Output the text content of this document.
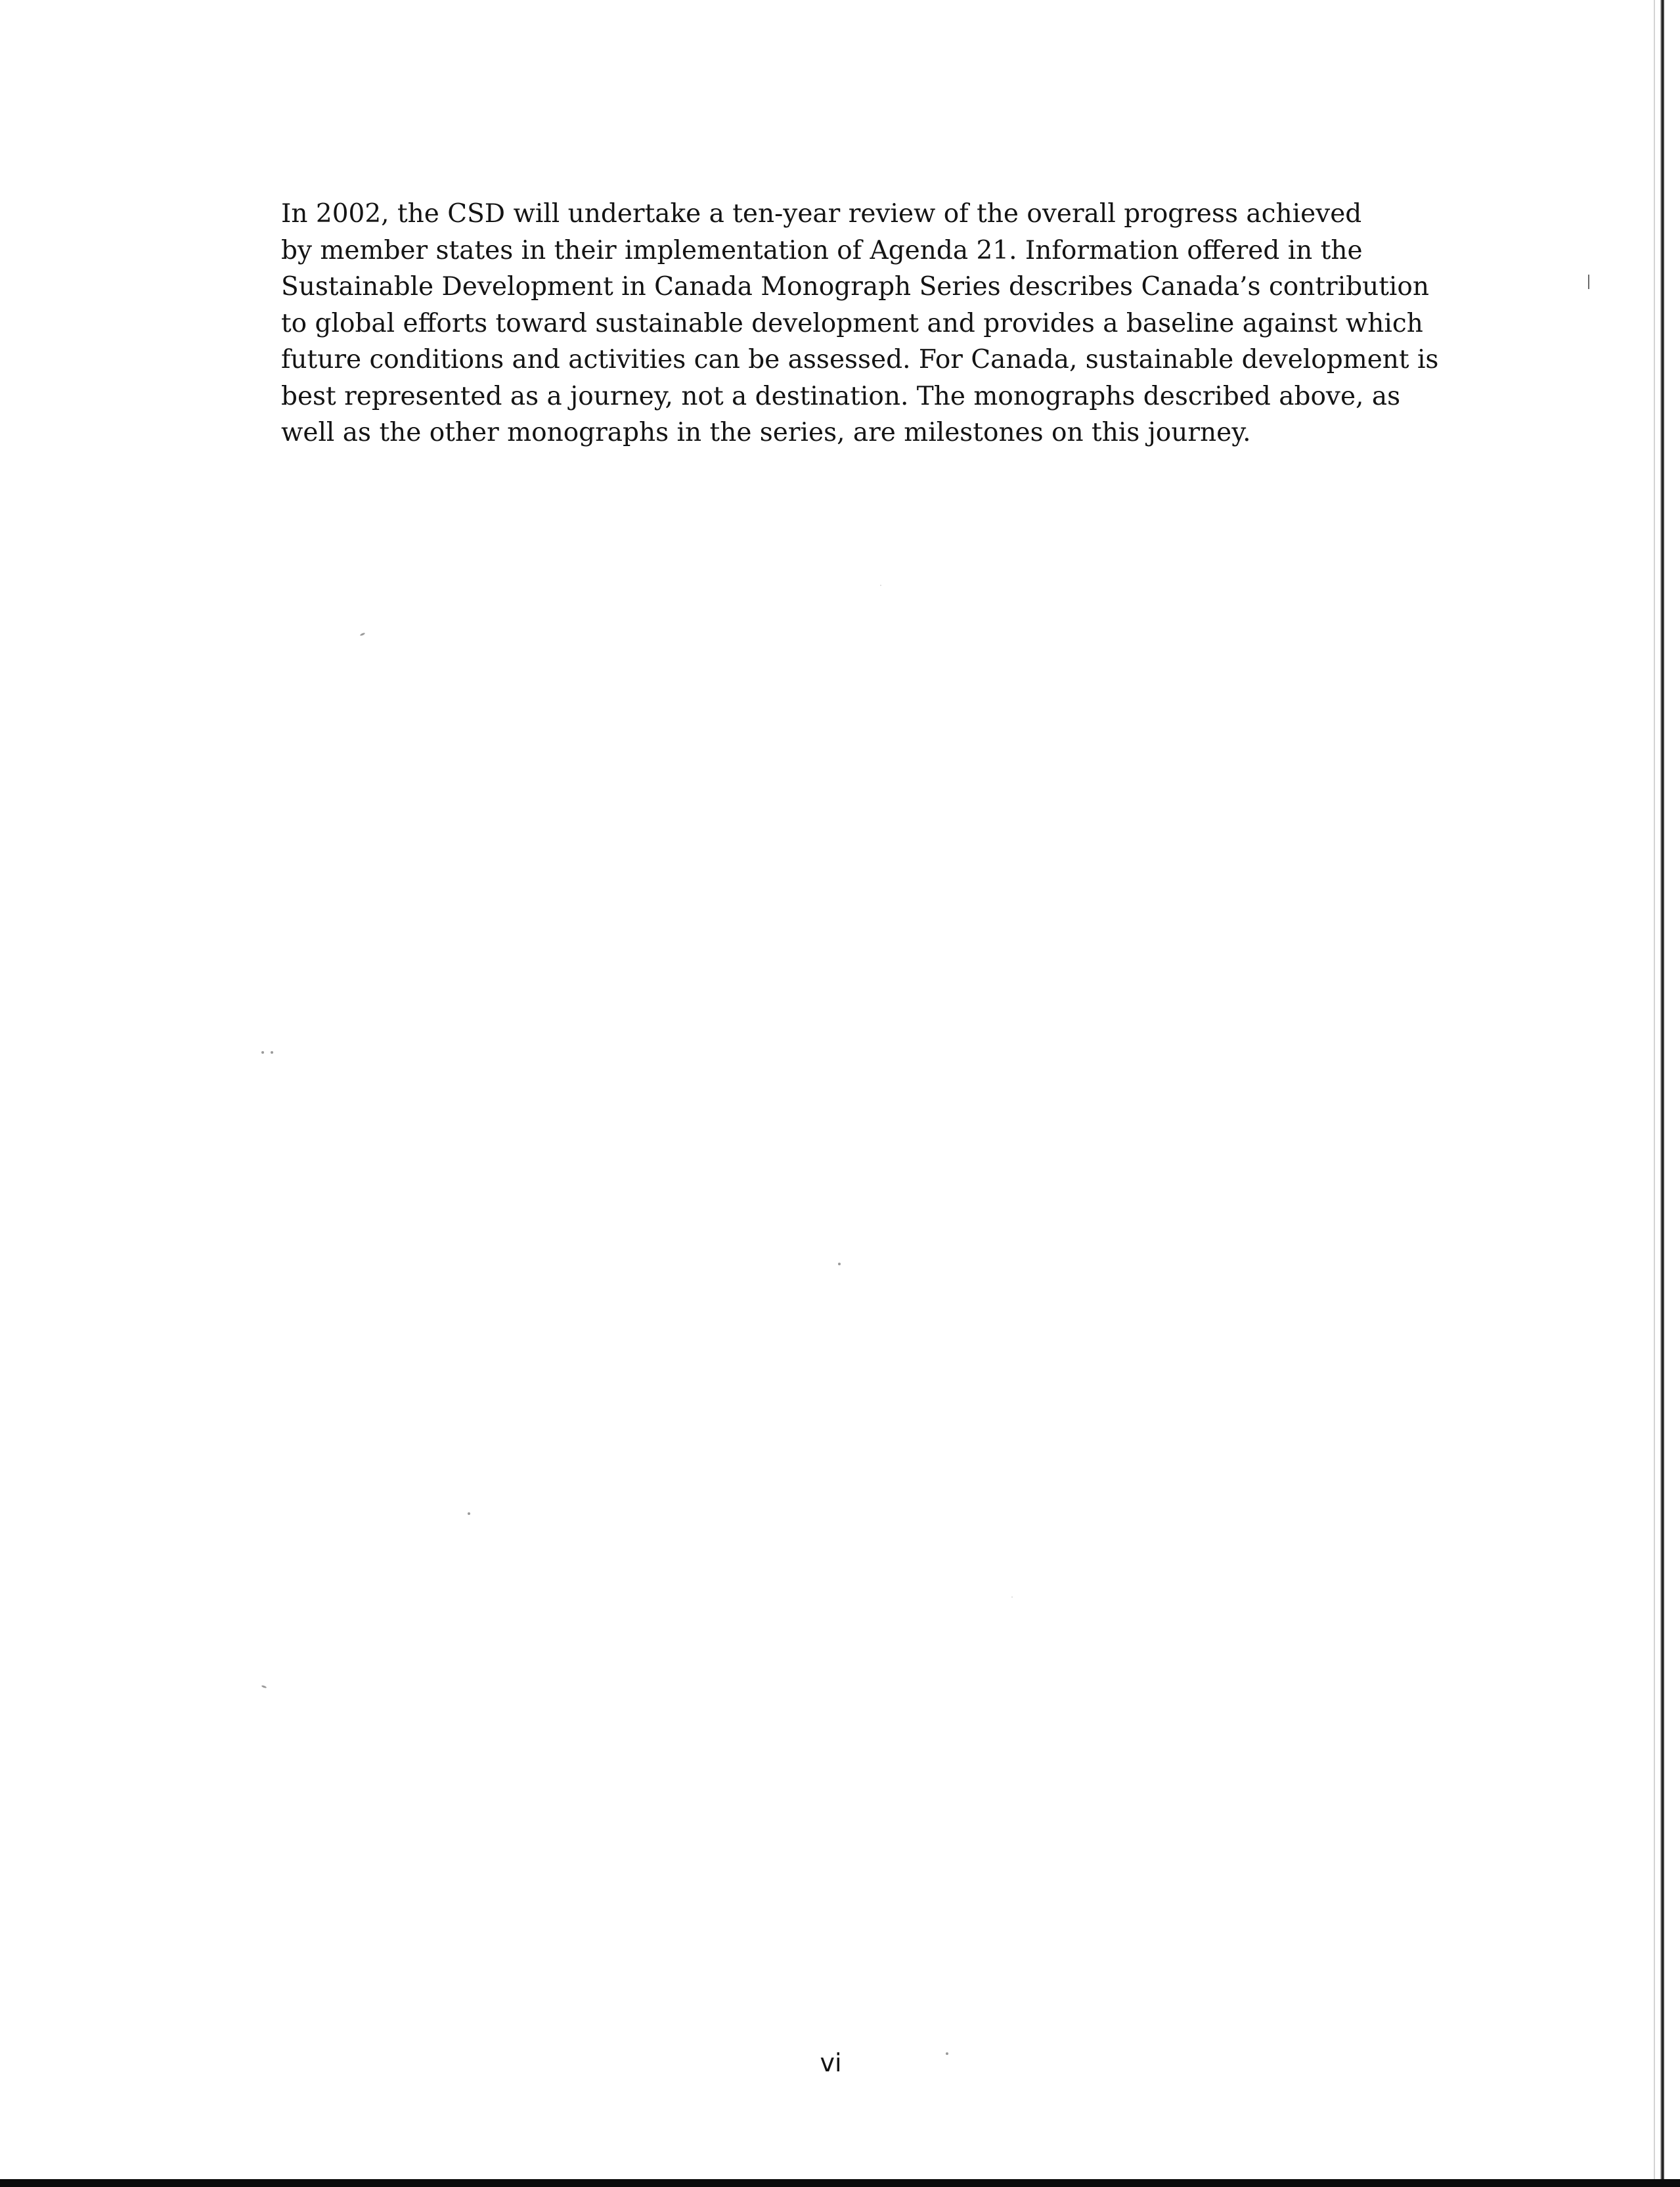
In 2002, the CSD will undertake a ten-year review of the overall progress achieved
by member states in their implementation of Agenda 21. Information offered in the
Sustainable Development in Canada Monograph Series describes Canada’s contribution
to global efforts toward sustainable development and provides a baseline against which
future conditions and activities can be assessed. For Canada, sustainable development is
best represented as a journey, not a destination. The monographs described above, as
well as the other monographs in the series, are milestones on this journey.

vi
